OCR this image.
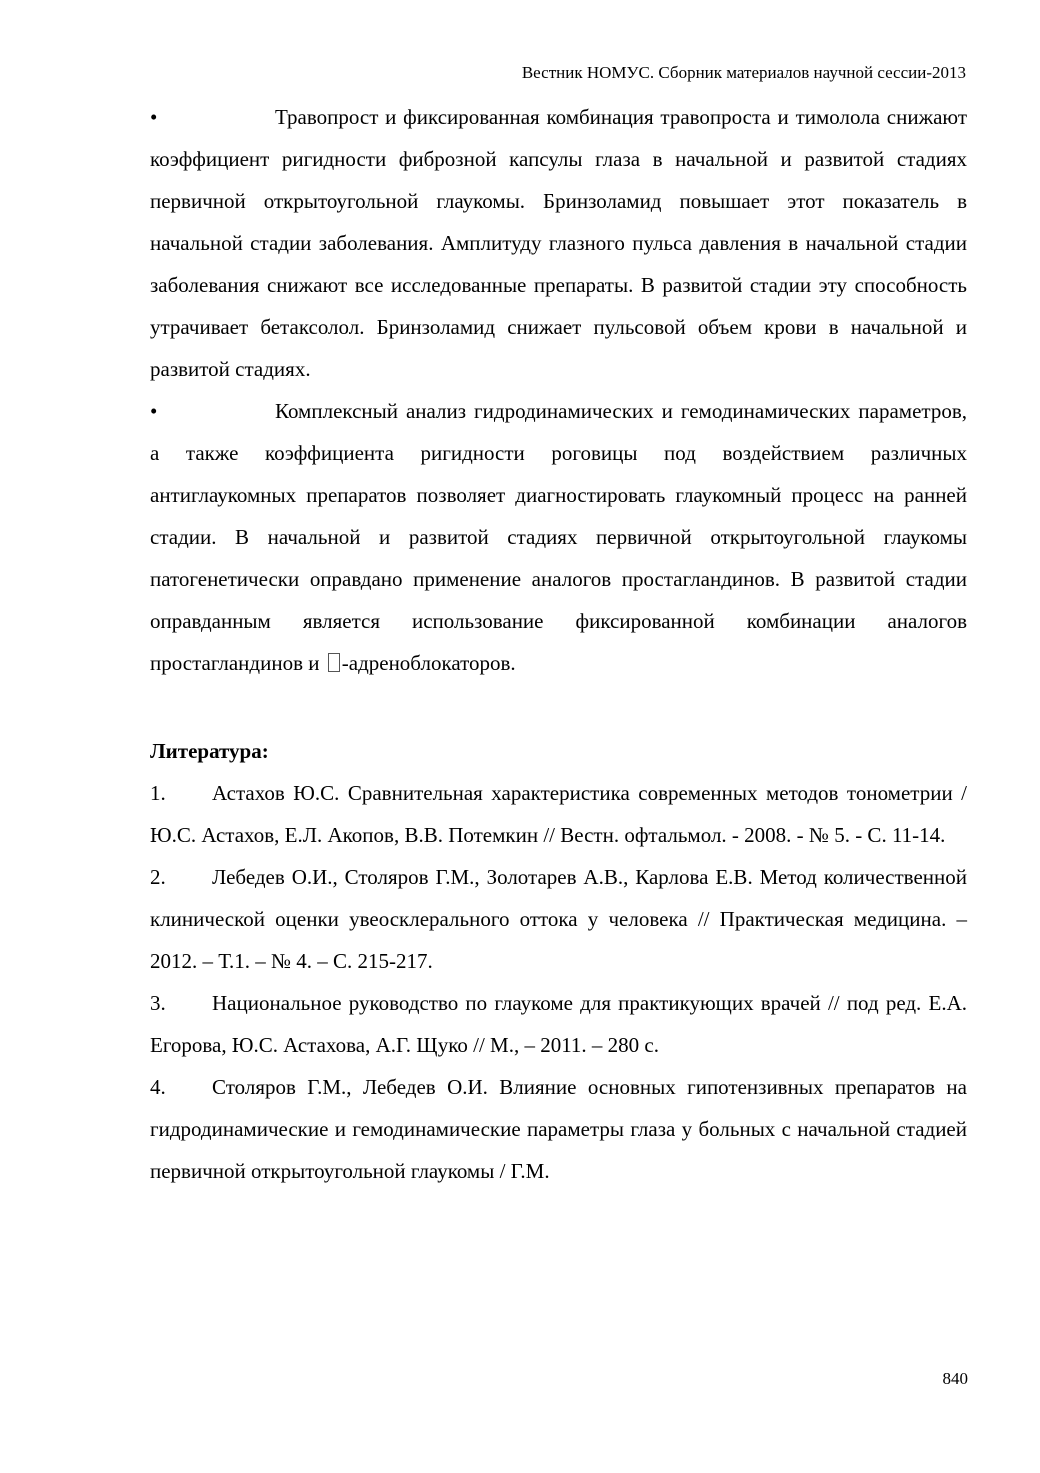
Вестник НОМУС. Сборник материалов научной сессии-2013

•	Травопрост и фиксированная комбинация травопроста и тимолола снижают коэффициент ригидности фиброзной капсулы глаза в начальной и развитой стадиях первичной открытоугольной глаукомы. Бринзоламид повышает этот показатель в начальной стадии заболевания. Амплитуду глазного пульса давления в начальной стадии заболевания снижают все исследованные препараты. В развитой стадии эту способность утрачивает бетаксолол. Бринзоламид снижает пульсовой объем крови в начальной и развитой стадиях.

•	Комплексный анализ гидродинамических и гемодинамических параметров, а также коэффициента ригидности роговицы под воздействием различных антиглаукомных препаратов позволяет диагностировать глаукомный процесс на ранней стадии. В начальной и развитой стадиях первичной открытоугольной глаукомы патогенетически оправдано применение аналогов простагландинов. В развитой стадии оправданным является использование фиксированной комбинации аналогов простагландинов и -адреноблокаторов.

Литература:

1. Астахов Ю.С. Сравнительная характеристика современных методов тонометрии / Ю.С. Астахов, Е.Л. Акопов, В.В. Потемкин // Вестн. офтальмол. - 2008. - № 5. - С. 11-14.

2. Лебедев О.И., Столяров Г.М., Золотарев А.В., Карлова Е.В. Метод количественной клинической оценки увеосклерального оттока у человека // Практическая медицина. – 2012. – Т.1. – № 4. – С. 215-217.

3. Национальное руководство по глаукоме для практикующих врачей // под ред. Е.А. Егорова, Ю.С. Астахова, А.Г. Щуко // М., – 2011. – 280 с.

4. Столяров Г.М., Лебедев О.И. Влияние основных гипотензивных препаратов на гидродинамические и гемодинамические параметры глаза у больных с начальной стадией первичной открытоугольной глаукомы / Г.М.

840
